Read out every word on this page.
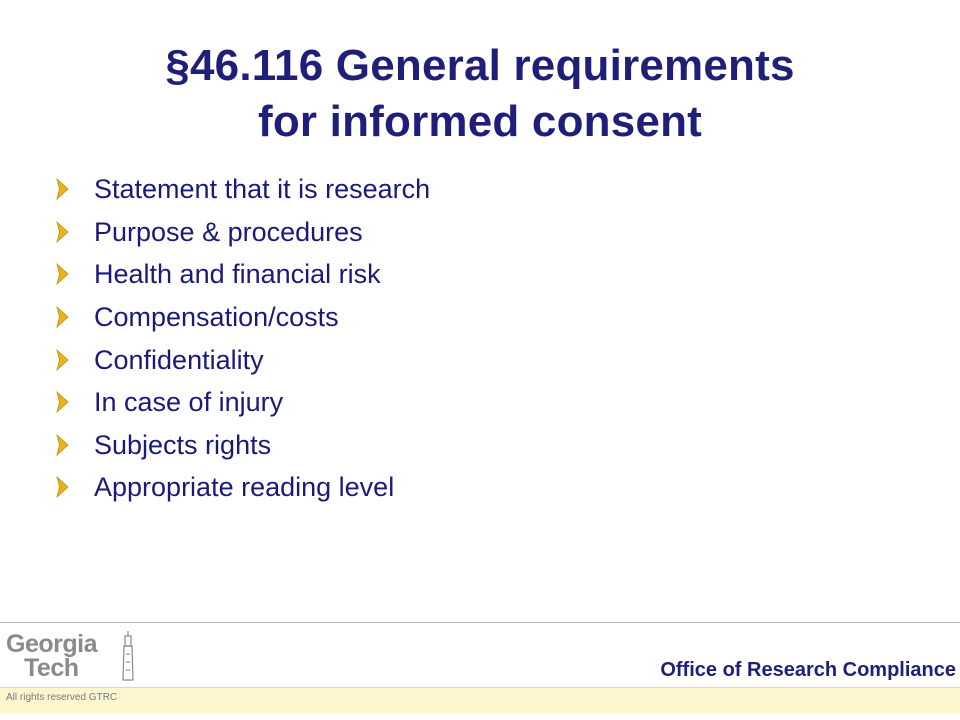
§46.116 General requirements
for informed consent
Statement that it is research
Purpose & procedures
Health and financial risk
Compensation/costs
Confidentiality
In case of injury
Subjects rights
Appropriate reading level
Georgia
Tech	Office of Research Compliance
All rights reserved GTRC
